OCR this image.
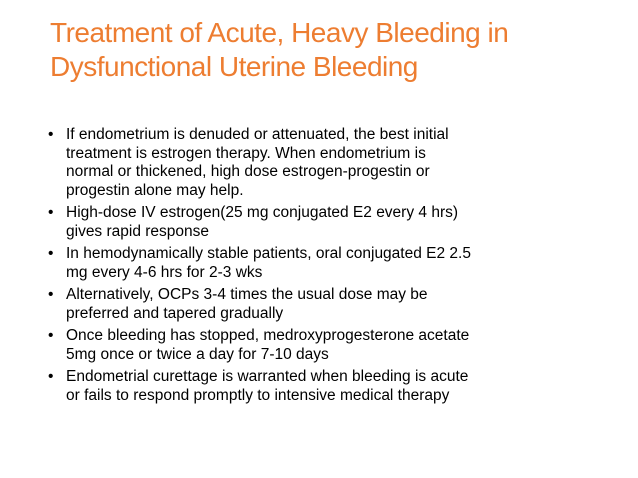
Treatment of Acute, Heavy Bleeding in
Dysfunctional Uterine Bleeding
• If endometrium is denuded or attenuated, the best initial
treatment is estrogen therapy. When endometrium is
normal or thickened, high dose estrogen-progestin or
progestin alone may help.
• High-dose IV estrogen(25 mg conjugated E2 every 4 hrs)
gives rapid response
• In hemodynamically stable patients, oral conjugated E2 2.5
mg every 4-6 hrs for 2-3 wks
• Alternatively, OCPs 3-4 times the usual dose may be
preferred and tapered gradually
• Once bleeding has stopped, medroxyprogesterone acetate
5mg once or twice a day for 7-10 days
• Endometrial curettage is warranted when bleeding is acute
or fails to respond promptly to intensive medical therapy
